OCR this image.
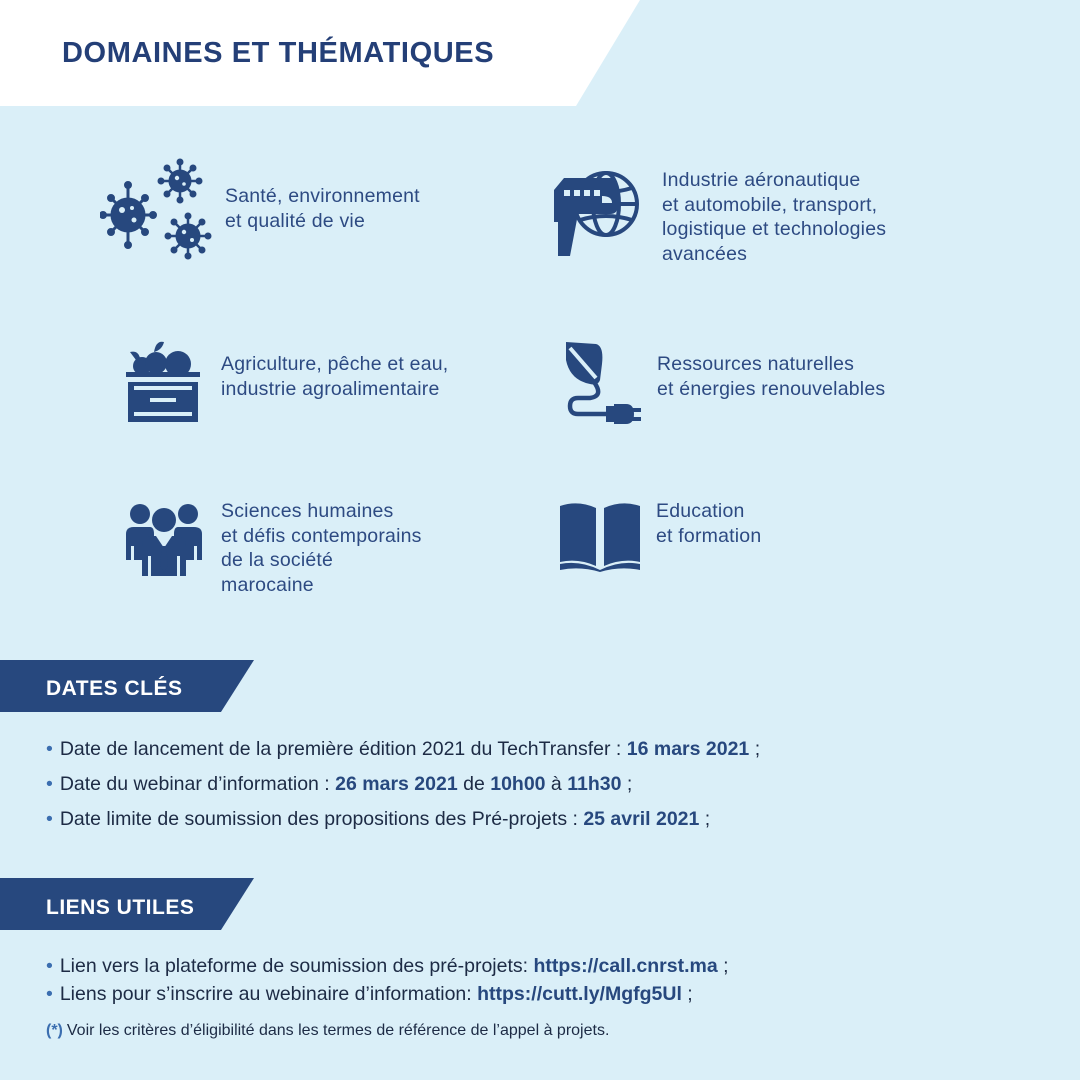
DOMAINES ET THÉMATIQUES
Santé, environnement
et qualité de vie
Industrie aéronautique
et automobile, transport,
logistique et technologies
avancées
Agriculture, pêche et eau,
industrie agroalimentaire
Ressources naturelles
et énergies renouvelables
Sciences humaines
et défis contemporains
de la société
marocaine
Education
et formation
DATES CLÉS
• Date de lancement de la première édition 2021 du TechTransfer : 16 mars 2021 ;
• Date du webinar d’information : 26 mars 2021 de 10h00 à 11h30 ;
• Date limite de soumission des propositions des Pré-projets : 25 avril 2021 ;
LIENS UTILES
• Lien vers la plateforme de soumission des pré-projets: https://call.cnrst.ma ;
• Liens pour s’inscrire au webinaire d’information: https://cutt.ly/Mgfg5Ul ;

(*) Voir les critères d’éligibilité dans les termes de référence de l’appel à projets.
